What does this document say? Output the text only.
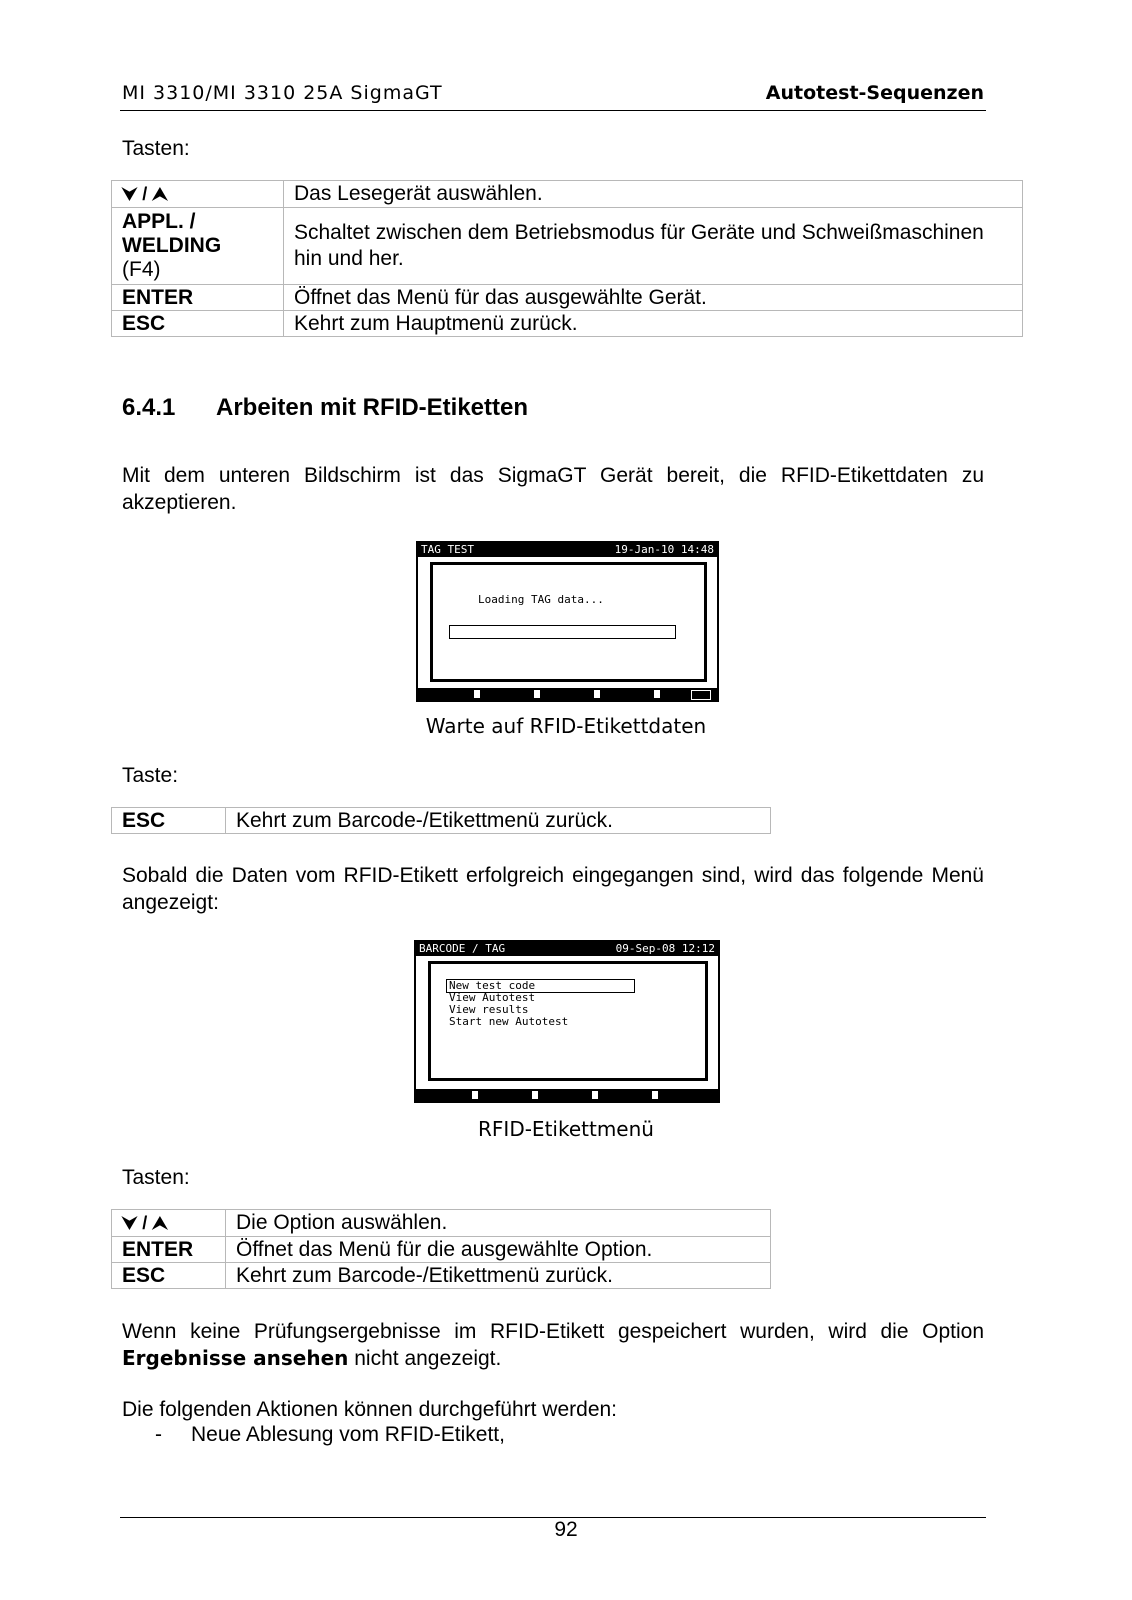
MI 3310/MI 3310 25A SigmaGT	Autotest-Sequenzen
Tasten:
⮟ / ⮝	Das Lesegerät auswählen.
APPL. /
WELDING
(F4)	Schaltet zwischen dem Betriebsmodus für Geräte und Schweißmaschinen hin und her.
ENTER	Öffnet das Menü für das ausgewählte Gerät.
ESC	Kehrt zum Hauptmenü zurück.
6.4.1 Arbeiten mit RFID-Etiketten
Mit dem unteren Bildschirm ist das SigmaGT Gerät bereit, die RFID-Etikettdaten zu akzeptieren.
TAG TEST	19-Jan-10 14:48
Loading TAG data...
Warte auf RFID-Etikettdaten
Taste:
ESC	Kehrt zum Barcode-/Etikettmenü zurück.
Sobald die Daten vom RFID-Etikett erfolgreich eingegangen sind, wird das folgende Menü angezeigt:
BARCODE / TAG	09-Sep-08 12:12
New test code
View Autotest
View results
Start new Autotest
RFID-Etikettmenü
Tasten:
⮟ / ⮝	Die Option auswählen.
ENTER	Öffnet das Menü für die ausgewählte Option.
ESC	Kehrt zum Barcode-/Etikettmenü zurück.
Wenn keine Prüfungsergebnisse im RFID-Etikett gespeichert wurden, wird die Option Ergebnisse ansehen nicht angezeigt.
Die folgenden Aktionen können durchgeführt werden:
- Neue Ablesung vom RFID-Etikett,
92
